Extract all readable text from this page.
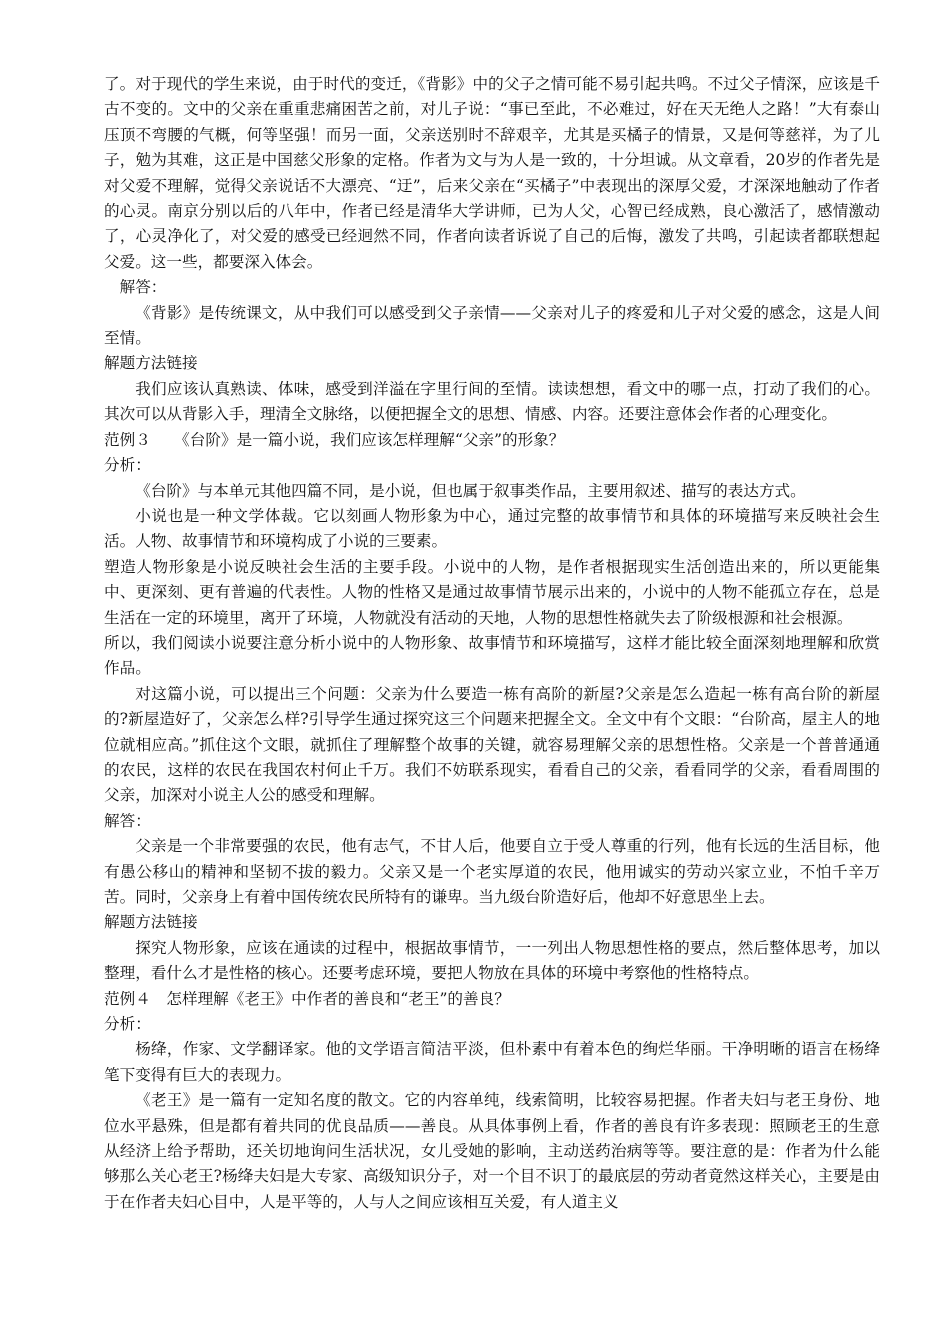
了。对于现代的学生来说，由于时代的变迁，《背影》中的父子之情可能不易引起共鸣。不过父子情深，应该是千古不变的。文中的父亲在重重悲痛困苦之前，对儿子说：“事已至此，不必难过，好在天无绝人之路！”大有泰山压顶不弯腰的气概，何等坚强！而另一面，父亲送别时不辞艰辛，尤其是买橘子的情景，又是何等慈祥，为了儿子，勉为其难，这正是中国慈父形象的定格。作者为文与为人是一致的，十分坦诚。从文章看，20岁的作者先是对父爱不理解，觉得父亲说话不大漂亮、“迂”，后来父亲在“买橘子”中表现出的深厚父爱，才深深地触动了作者的心灵。南京分别以后的八年中，作者已经是清华大学讲师，已为人父，心智已经成熟，良心激活了，感情激动了，心灵净化了，对父爱的感受已经迥然不同，作者向读者诉说了自己的后悔，激发了共鸣，引起读者都联想起父爱。这一些，都要深入体会。

解答：

《背影》是传统课文，从中我们可以感受到父子亲情——父亲对儿子的疼爱和儿子对父爱的感念，这是人间至情。

解题方法链接

我们应该认真熟读、体味，感受到洋溢在字里行间的至情。读读想想，看文中的哪一点，打动了我们的心。其次可以从背影入手，理清全文脉络，以便把握全文的思想、情感、内容。还要注意体会作者的心理变化。

范例３　　《台阶》是一篇小说，我们应该怎样理解“父亲”的形象？

分析：

《台阶》与本单元其他四篇不同，是小说，但也属于叙事类作品，主要用叙述、描写的表达方式。

小说也是一种文学体裁。它以刻画人物形象为中心，通过完整的故事情节和具体的环境描写来反映社会生活。人物、故事情节和环境构成了小说的三要素。

塑造人物形象是小说反映社会生活的主要手段。小说中的人物，是作者根据现实生活创造出来的，所以更能集中、更深刻、更有普遍的代表性。人物的性格又是通过故事情节展示出来的，小说中的人物不能孤立存在，总是生活在一定的环境里，离开了环境，人物就没有活动的天地，人物的思想性格就失去了阶级根源和社会根源。

所以，我们阅读小说要注意分析小说中的人物形象、故事情节和环境描写，这样才能比较全面深刻地理解和欣赏作品。

对这篇小说，可以提出三个问题：父亲为什么要造一栋有高阶的新屋?父亲是怎么造起一栋有高台阶的新屋的?新屋造好了，父亲怎么样?引导学生通过探究这三个问题来把握全文。全文中有个文眼：“台阶高，屋主人的地位就相应高。”抓住这个文眼，就抓住了理解整个故事的关键，就容易理解父亲的思想性格。父亲是一个普普通通的农民，这样的农民在我国农村何止千万。我们不妨联系现实，看看自己的父亲，看看同学的父亲，看看周围的父亲，加深对小说主人公的感受和理解。

解答：

父亲是一个非常要强的农民，他有志气，不甘人后，他要自立于受人尊重的行列，他有长远的生活目标，他有愚公移山的精神和坚韧不拔的毅力。父亲又是一个老实厚道的农民，他用诚实的劳动兴家立业，不怕千辛万苦。同时，父亲身上有着中国传统农民所特有的谦卑。当九级台阶造好后，他却不好意思坐上去。

解题方法链接

探究人物形象，应该在通读的过程中，根据故事情节，一一列出人物思想性格的要点，然后整体思考，加以整理，看什么才是性格的核心。还要考虑环境，要把人物放在具体的环境中考察他的性格特点。

范例４　怎样理解《老王》中作者的善良和“老王”的善良？

分析：

杨绛，作家、文学翻译家。他的文学语言简洁平淡，但朴素中有着本色的绚烂华丽。干净明晰的语言在杨绛笔下变得有巨大的表现力。

《老王》是一篇有一定知名度的散文。它的内容单纯，线索简明，比较容易把握。作者夫妇与老王身份、地位水平悬殊，但是都有着共同的优良品质——善良。从具体事例上看，作者的善良有许多表现：照顾老王的生意从经济上给予帮助，还关切地询问生活状况，女儿受她的影响，主动送药治病等等。要注意的是：作者为什么能够那么关心老王?杨绛夫妇是大专家、高级知识分子，对一个目不识丁的最底层的劳动者竟然这样关心，主要是由于在作者夫妇心目中，人是平等的，人与人之间应该相互关爱，有人道主义
